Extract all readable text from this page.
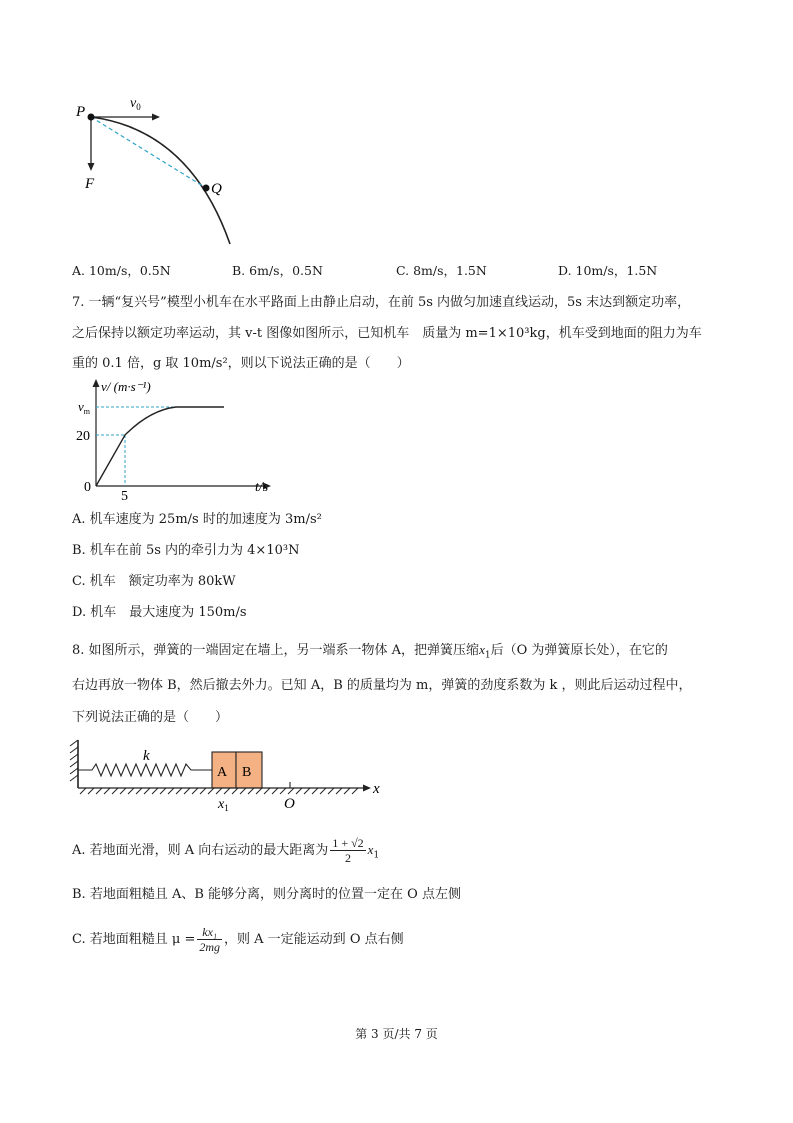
P
$v_0$
F	Q
A. 10m/s，0.5N	B. 6m/s，0.5N	C. 8m/s，1.5N	D. 10m/s，1.5N
7. 一辆“复兴号”模型小机车在水平路面上由静止启动，在前 5s 内做匀加速直线运动，5s 末达到额定功率，
之后保持以额定功率运动，其 v-t 图像如图所示，已知机车　质量为 m=1×10³kg，机车受到地面的阻力为车
重的 0.1 倍，g 取 10m/s²，则以下说法正确的是（　　）
v/ (m·s⁻¹)
$v_m$
20
0
5
t/s
A. 机车速度为 25m/s 时的加速度为 3m/s²
B. 机车在前 5s 内的牵引力为 4×10³N
C. 机车　额定功率为 80kW
D. 机车　最大速度为 150m/s
8. 如图所示，弹簧的一端固定在墙上，另一端系一物体 A，把弹簧压缩$x_1$后（O 为弹簧原长处），在它的
右边再放一物体 B，然后撤去外力。已知 A，B 的质量均为 m，弹簧的劲度系数为 k ，则此后运动过程中，
下列说法正确的是（　　）
k
A B
$x_1$	O
x
A. 若地面光滑，则 A 向右运动的最大距离为 $\frac{1 + √2}{2} x_1$
B. 若地面粗糙且 A、B 能够分离，则分离时的位置一定在 O 点左侧
C. 若地面粗糙且 $\mu = \frac{\text{kx₁}}{2mg}$ ，则 A 一定能运动到 O 点右侧
第 3 页/共 7 页
